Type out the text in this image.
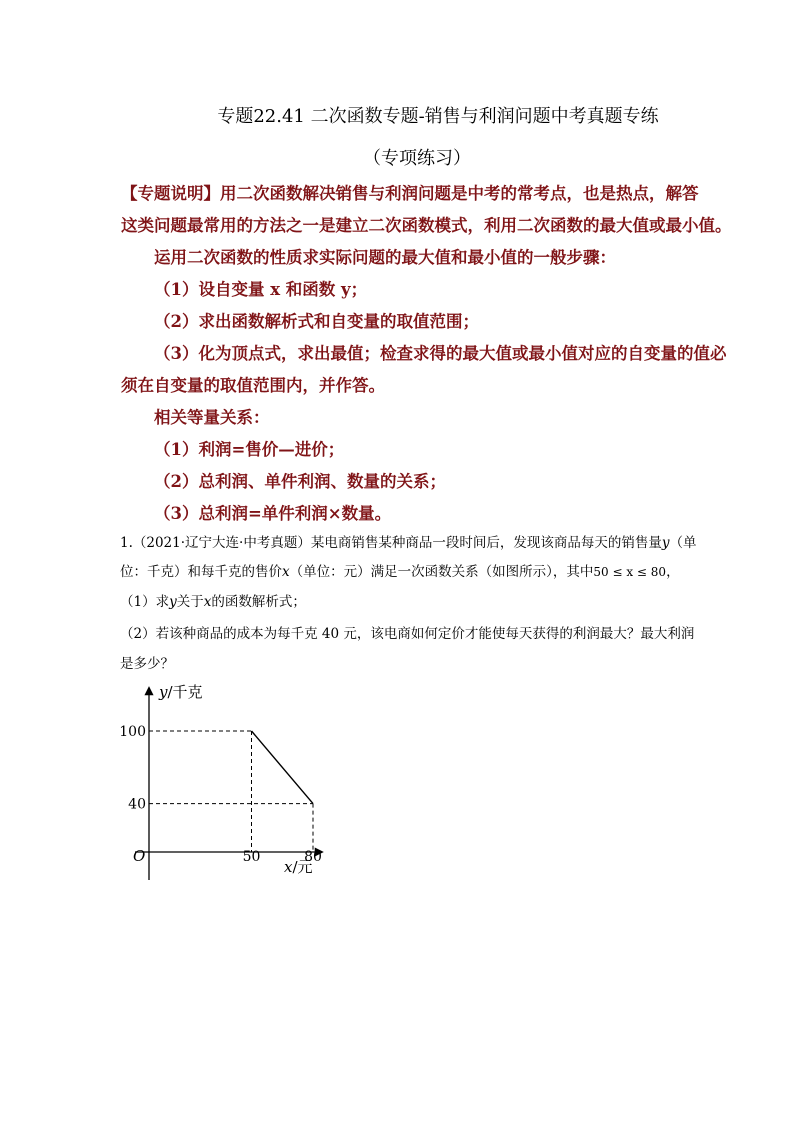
专题22.41 二次函数专题-销售与利润问题中考真题专练
（专项练习）
【专题说明】用二次函数解决销售与利润问题是中考的常考点，也是热点，解答
这类问题最常用的方法之一是建立二次函数模式，利用二次函数的最大值或最小值。
运用二次函数的性质求实际问题的最大值和最小值的一般步骤：
（1）设自变量 x 和函数 y；
（2）求出函数解析式和自变量的取值范围；
（3）化为顶点式，求出最值；检查求得的最大值或最小值对应的自变量的值必
须在自变量的取值范围内，并作答。
相关等量关系：
（1）利润=售价—进价；
（2）总利润、单件利润、数量的关系；
（3）总利润=单件利润×数量。
1.（2021·辽宁大连·中考真题）某电商销售某种商品一段时间后，发现该商品每天的销售量y（单
位：千克）和每千克的售价x（单位：元）满足一次函数关系（如图所示），其中50 ≤ x ≤ 80，
（1）求y关于x的函数解析式；
（2）若该种商品的成本为每千克 40 元，该电商如何定价才能使每天获得的利润最大？最大利润
是多少？
y/千克
x/元
O	50	80
100
40
